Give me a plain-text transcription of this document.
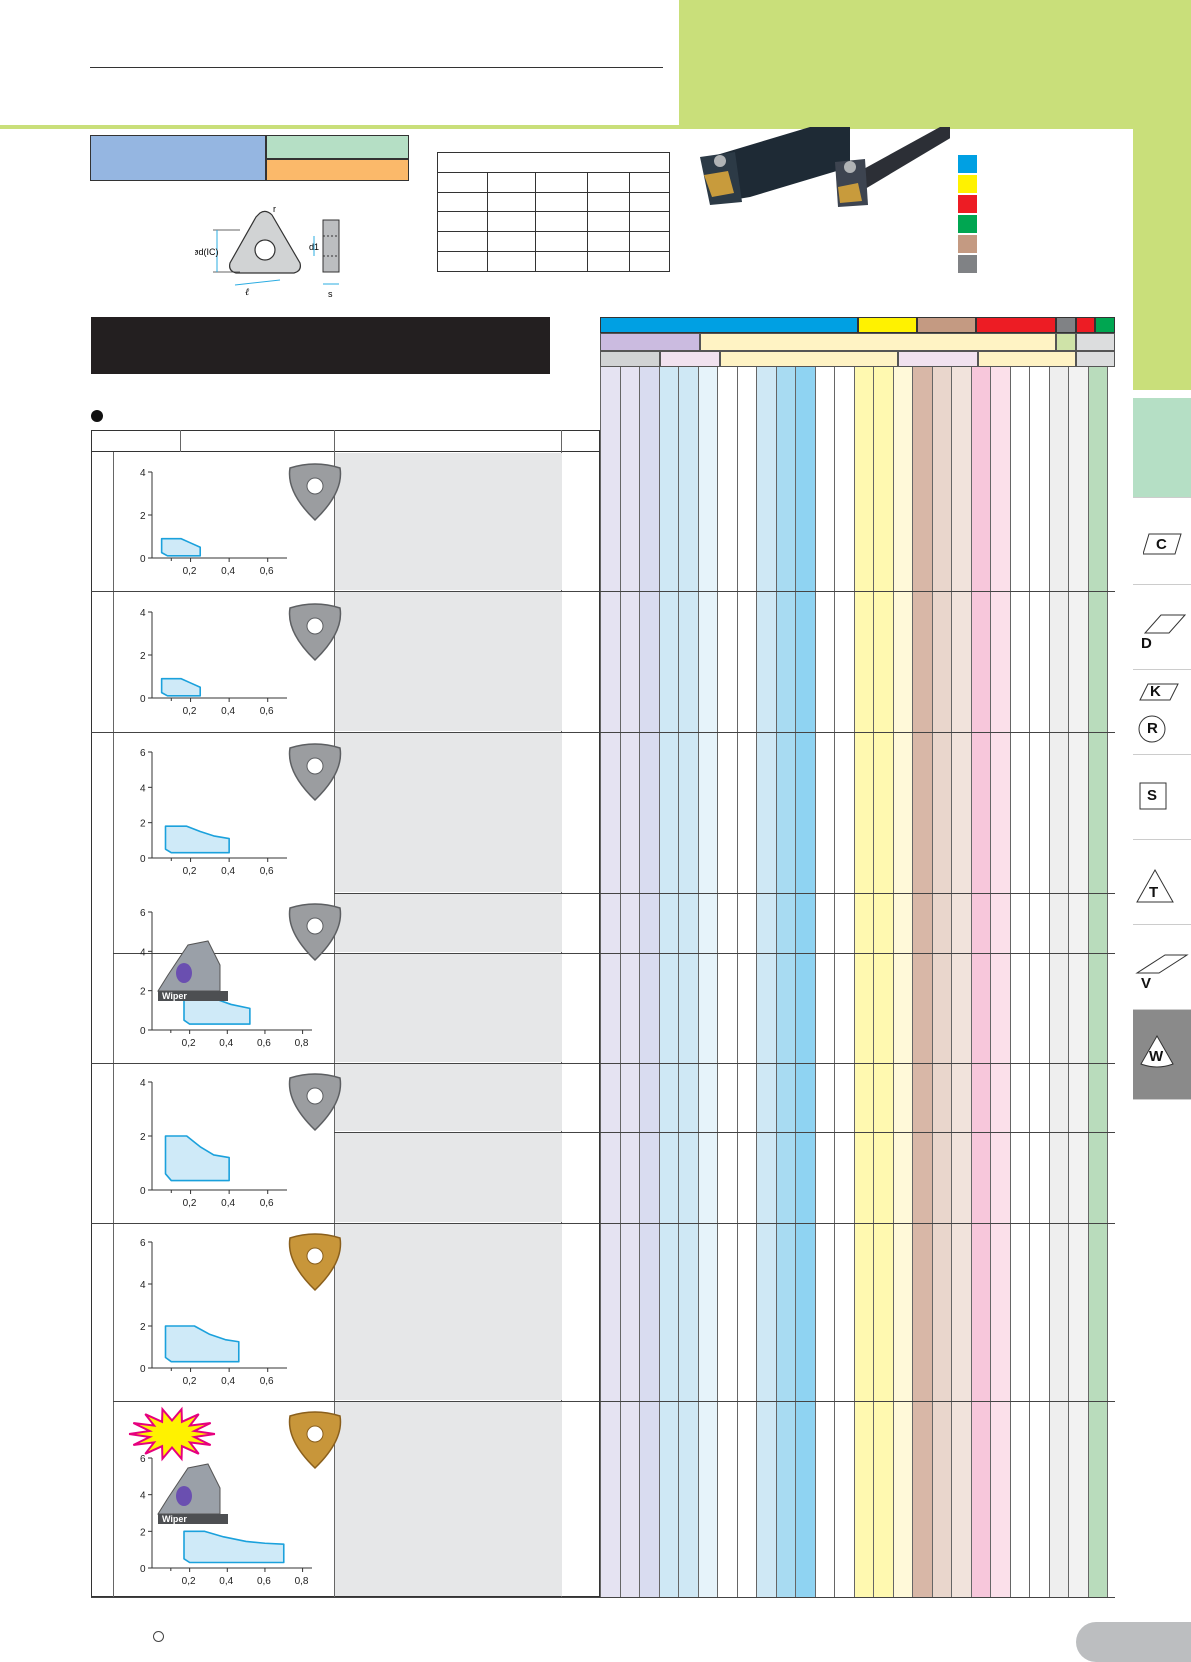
ød(IC)
ℓ
r
d1
s

C
D
K
R
S
T
V
W
4
2
0
0,2 0,4 0,6
4
2
0
0,2 0,4 0,6
6
4
2
0
0,2 0,4 0,6
6
4
2
0
0,2 0,4 0,6 0,8
Wiper
4
2
0
0,2 0,4 0,6
6
4
2
0
0,2 0,4 0,6
6
4
2
0
0,2 0,4 0,6 0,8
Wiper
